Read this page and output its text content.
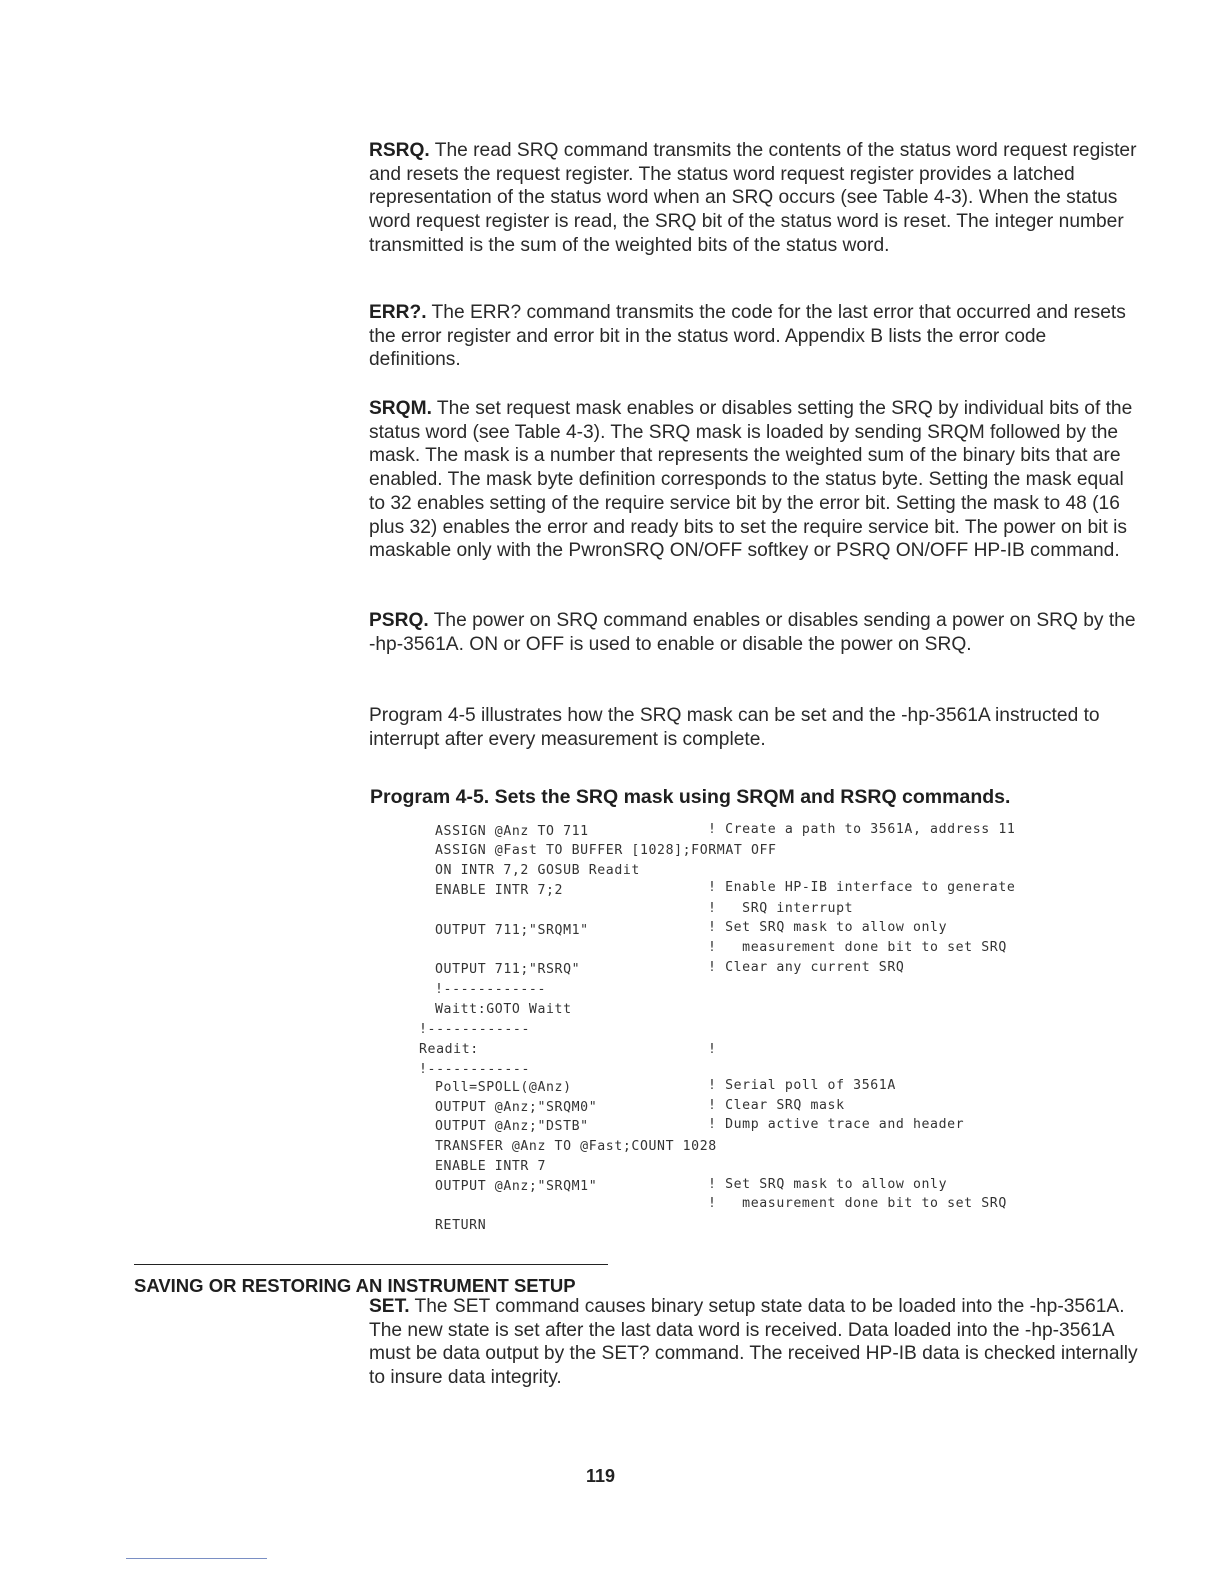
RSRQ. The read SRQ command transmits the contents of the status word request register and resets the request register. The status word request register provides a latched representation of the status word when an SRQ occurs (see Table 4-3). When the status word request register is read, the SRQ bit of the status word is reset. The integer number transmitted is the sum of the weighted bits of the status word.
ERR?. The ERR? command transmits the code for the last error that occurred and resets the error register and error bit in the status word. Appendix B lists the error code definitions.
SRQM. The set request mask enables or disables setting the SRQ by individual bits of the status word (see Table 4-3). The SRQ mask is loaded by sending SRQM followed by the mask. The mask is a number that represents the weighted sum of the binary bits that are enabled. The mask byte definition corresponds to the status byte. Setting the mask equal to 32 enables setting of the require service bit by the error bit. Setting the mask to 48 (16 plus 32) enables the error and ready bits to set the require service bit. The power on bit is maskable only with the PwronSRQ ON/OFF softkey or PSRQ ON/OFF HP-IB command.
PSRQ. The power on SRQ command enables or disables sending a power on SRQ by the -hp-3561A. ON or OFF is used to enable or disable the power on SRQ.
Program 4-5 illustrates how the SRQ mask can be set and the -hp-3561A instructed to interrupt after every measurement is complete.
Program 4-5. Sets the SRQ mask using SRQM and RSRQ commands.
ASSIGN @Anz TO 711	! Create a path to 3561A, address 11
ASSIGN @Fast TO BUFFER [1028];FORMAT OFF
ON INTR 7,2 GOSUB Readit
ENABLE INTR 7;2	! Enable HP-IB interface to generate
!   SRQ interrupt
OUTPUT 711;"SRQM1"	! Set SRQ mask to allow only
!   measurement done bit to set SRQ
OUTPUT 711;"RSRQ"	! Clear any current SRQ
!------------
Waitt:GOTO Waitt
!------------
Readit:	!
!------------
Poll=SPOLL(@Anz)	! Serial poll of 3561A
OUTPUT @Anz;"SRQM0"	! Clear SRQ mask
OUTPUT @Anz;"DSTB"	! Dump active trace and header
TRANSFER @Anz TO @Fast;COUNT 1028
ENABLE INTR 7
OUTPUT @Anz;"SRQM1"	! Set SRQ mask to allow only
!   measurement done bit to set SRQ
RETURN
SAVING OR RESTORING AN INSTRUMENT SETUP
SET. The SET command causes binary setup state data to be loaded into the -hp-3561A. The new state is set after the last data word is received. Data loaded into the -hp-3561A must be data output by the SET? command. The received HP-IB data is checked internally to insure data integrity.
119
